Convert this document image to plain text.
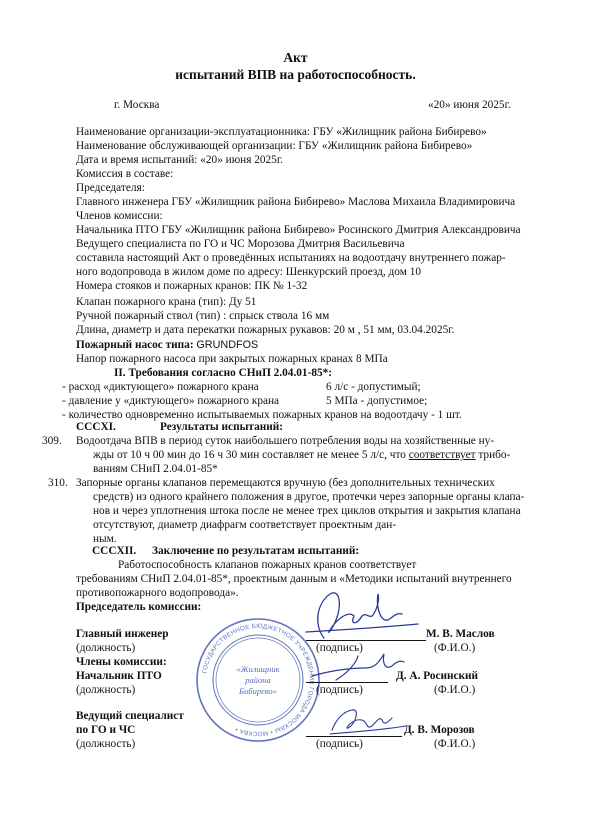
Акт
испытаний ВПВ на работоспособность.
г. Москва	«20» июня 2025г.
Наименование организации-эксплуатационника: ГБУ «Жилищник района Бибирево»
Наименование обслуживающей организации: ГБУ «Жилищник района Бибирево»
Дата и время испытаний: «20» июня 2025г.
Комиссия в составе:
Председателя:
Главного инженера ГБУ «Жилищник района Бибирево» Маслова Михаила Владимировича
Членов комиссии:
Начальника ПТО ГБУ «Жилищник района Бибирево» Росинского Дмитрия Александровича
Ведущего специалиста по ГО и ЧС Морозова Дмитрия Васильевича
составила настоящий Акт о проведённых испытаниях на водоотдачу внутреннего пожар-
ного водопровода в жилом доме по адресу: Шенкурский проезд, дом 10
Номера стояков и пожарных кранов: ПК № 1-32
Клапан пожарного крана (тип): Ду 51
Ручной пожарный ствол (тип) : спрыск ствола 16 мм
Длина, диаметр и дата перекатки пожарных рукавов: 20 м , 51 мм, 03.04.2025г.
Пожарный насос типа: GRUNDFOS
Напор пожарного насоса при закрытых пожарных кранах 8 МПа
II. Требования согласно СНиП 2.04.01-85*:
- расход «диктующего» пожарного крана	6 л/с - допустимый;
- давление у «диктующего» пожарного крана	5 МПа - допустимое;
- количество одновременно испытываемых пожарных кранов на водоотдачу - 1 шт.
СССXI.	Результаты испытаний:
309. Водоотдача ВПВ в период суток наибольшего потребления воды на хозяйственные ну-
жды от 10 ч 00 мин до 16 ч 30 мин составляет не менее 5 л/с, что соответствует трибо-
ваниям СНиП 2.04.01-85*
310. Запорные органы клапанов перемещаются вручную (без дополнительных технических
средств) из одного крайнего положения в другое, протечки через запорные органы клапа-
нов и через уплотнения штока после не менее трех циклов открытия и закрытия клапана
отсутствуют, диаметр диафрагм соответствует проектным дан-
ным.
СССXII. Заключение по результатам испытаний:
Работоспособность клапанов пожарных кранов соответствует
требованиям СНиП 2.04.01-85*, проектным данным и «Методики испытаний внутреннего
противопожарного водопровода».
Председатель комиссии:
ГОСУДАРСТВЕННОЕ БЮДЖЕТНОЕ УЧРЕЖДЕНИЕ ГОРОДА МОСКВЫ • МОСКВА •
«Жилищник
района
Бибирево»
Главный инженер	М. В. Маслов
(должность)	(подпись)	(Ф.И.О.)
Члены комиссии:
Начальник ПТО	Д. А. Росинский
(должность)	(подпись)	(Ф.И.О.)
Ведущий специалист
по ГО и ЧС	Д. В. Морозов
(должность)	(подпись)	(Ф.И.О.)
